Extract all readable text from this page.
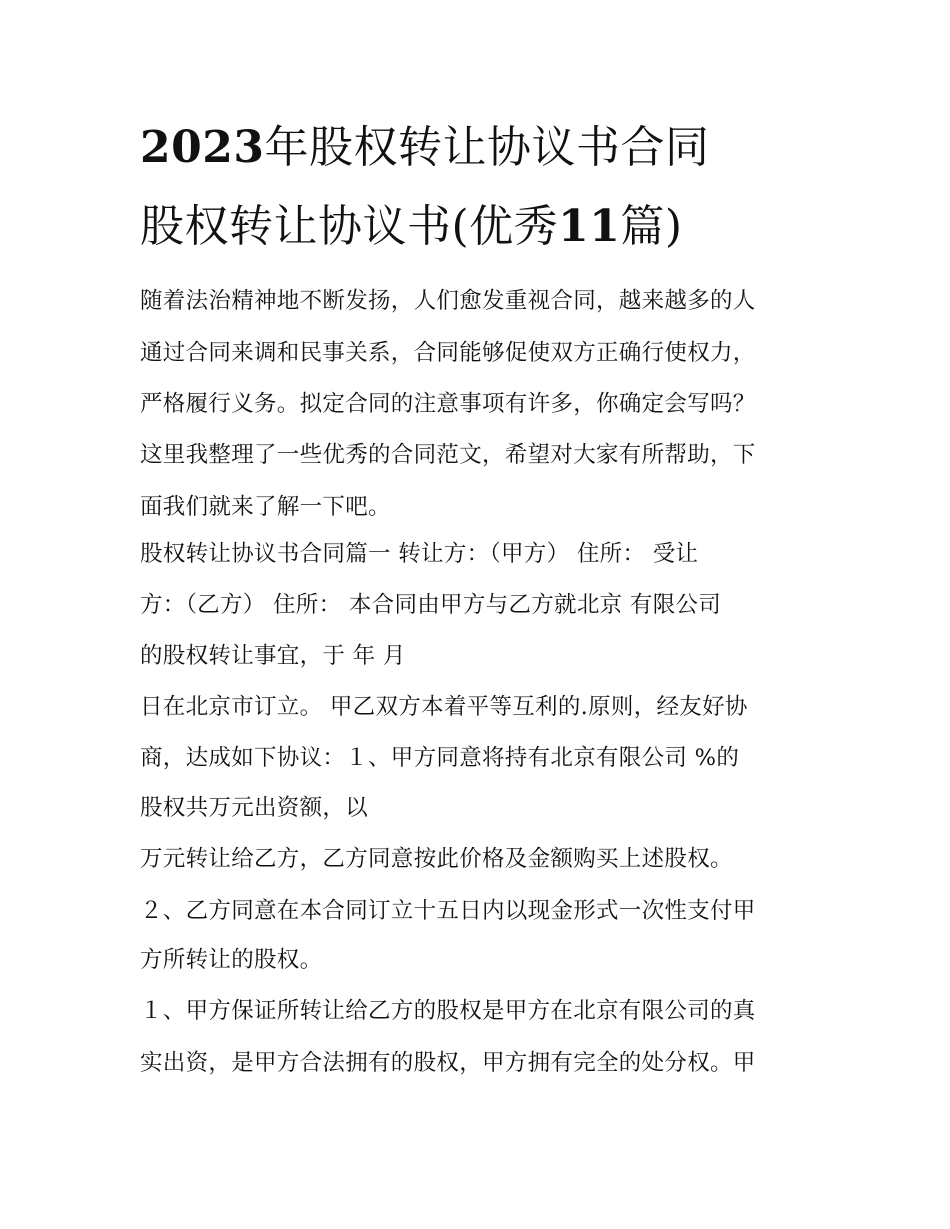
2023年股权转让协议书合同
股权转让协议书(优秀11篇)

随着法治精神地不断发扬，人们愈发重视合同，越来越多的人

通过合同来调和民事关系，合同能够促使双方正确行使权力，

严格履行义务。拟定合同的注意事项有许多，你确定会写吗？

这里我整理了一些优秀的合同范文，希望对大家有所帮助，下

面我们就来了解一下吧。

股权转让协议书合同篇一 转让方：（甲方） 住所： 受让

方：（乙方） 住所： 本合同由甲方与乙方就北京 有限公司

的股权转让事宜，于 年 月

日在北京市订立。 甲乙双方本着平等互利的.原则，经友好协

商，达成如下协议：１、甲方同意将持有北京有限公司 %的

股权共万元出资额，以

万元转让给乙方，乙方同意按此价格及金额购买上述股权。

２、乙方同意在本合同订立十五日内以现金形式一次性支付甲

方所转让的股权。

１、甲方保证所转让给乙方的股权是甲方在北京有限公司的真

实出资，是甲方合法拥有的股权，甲方拥有完全的处分权。甲
